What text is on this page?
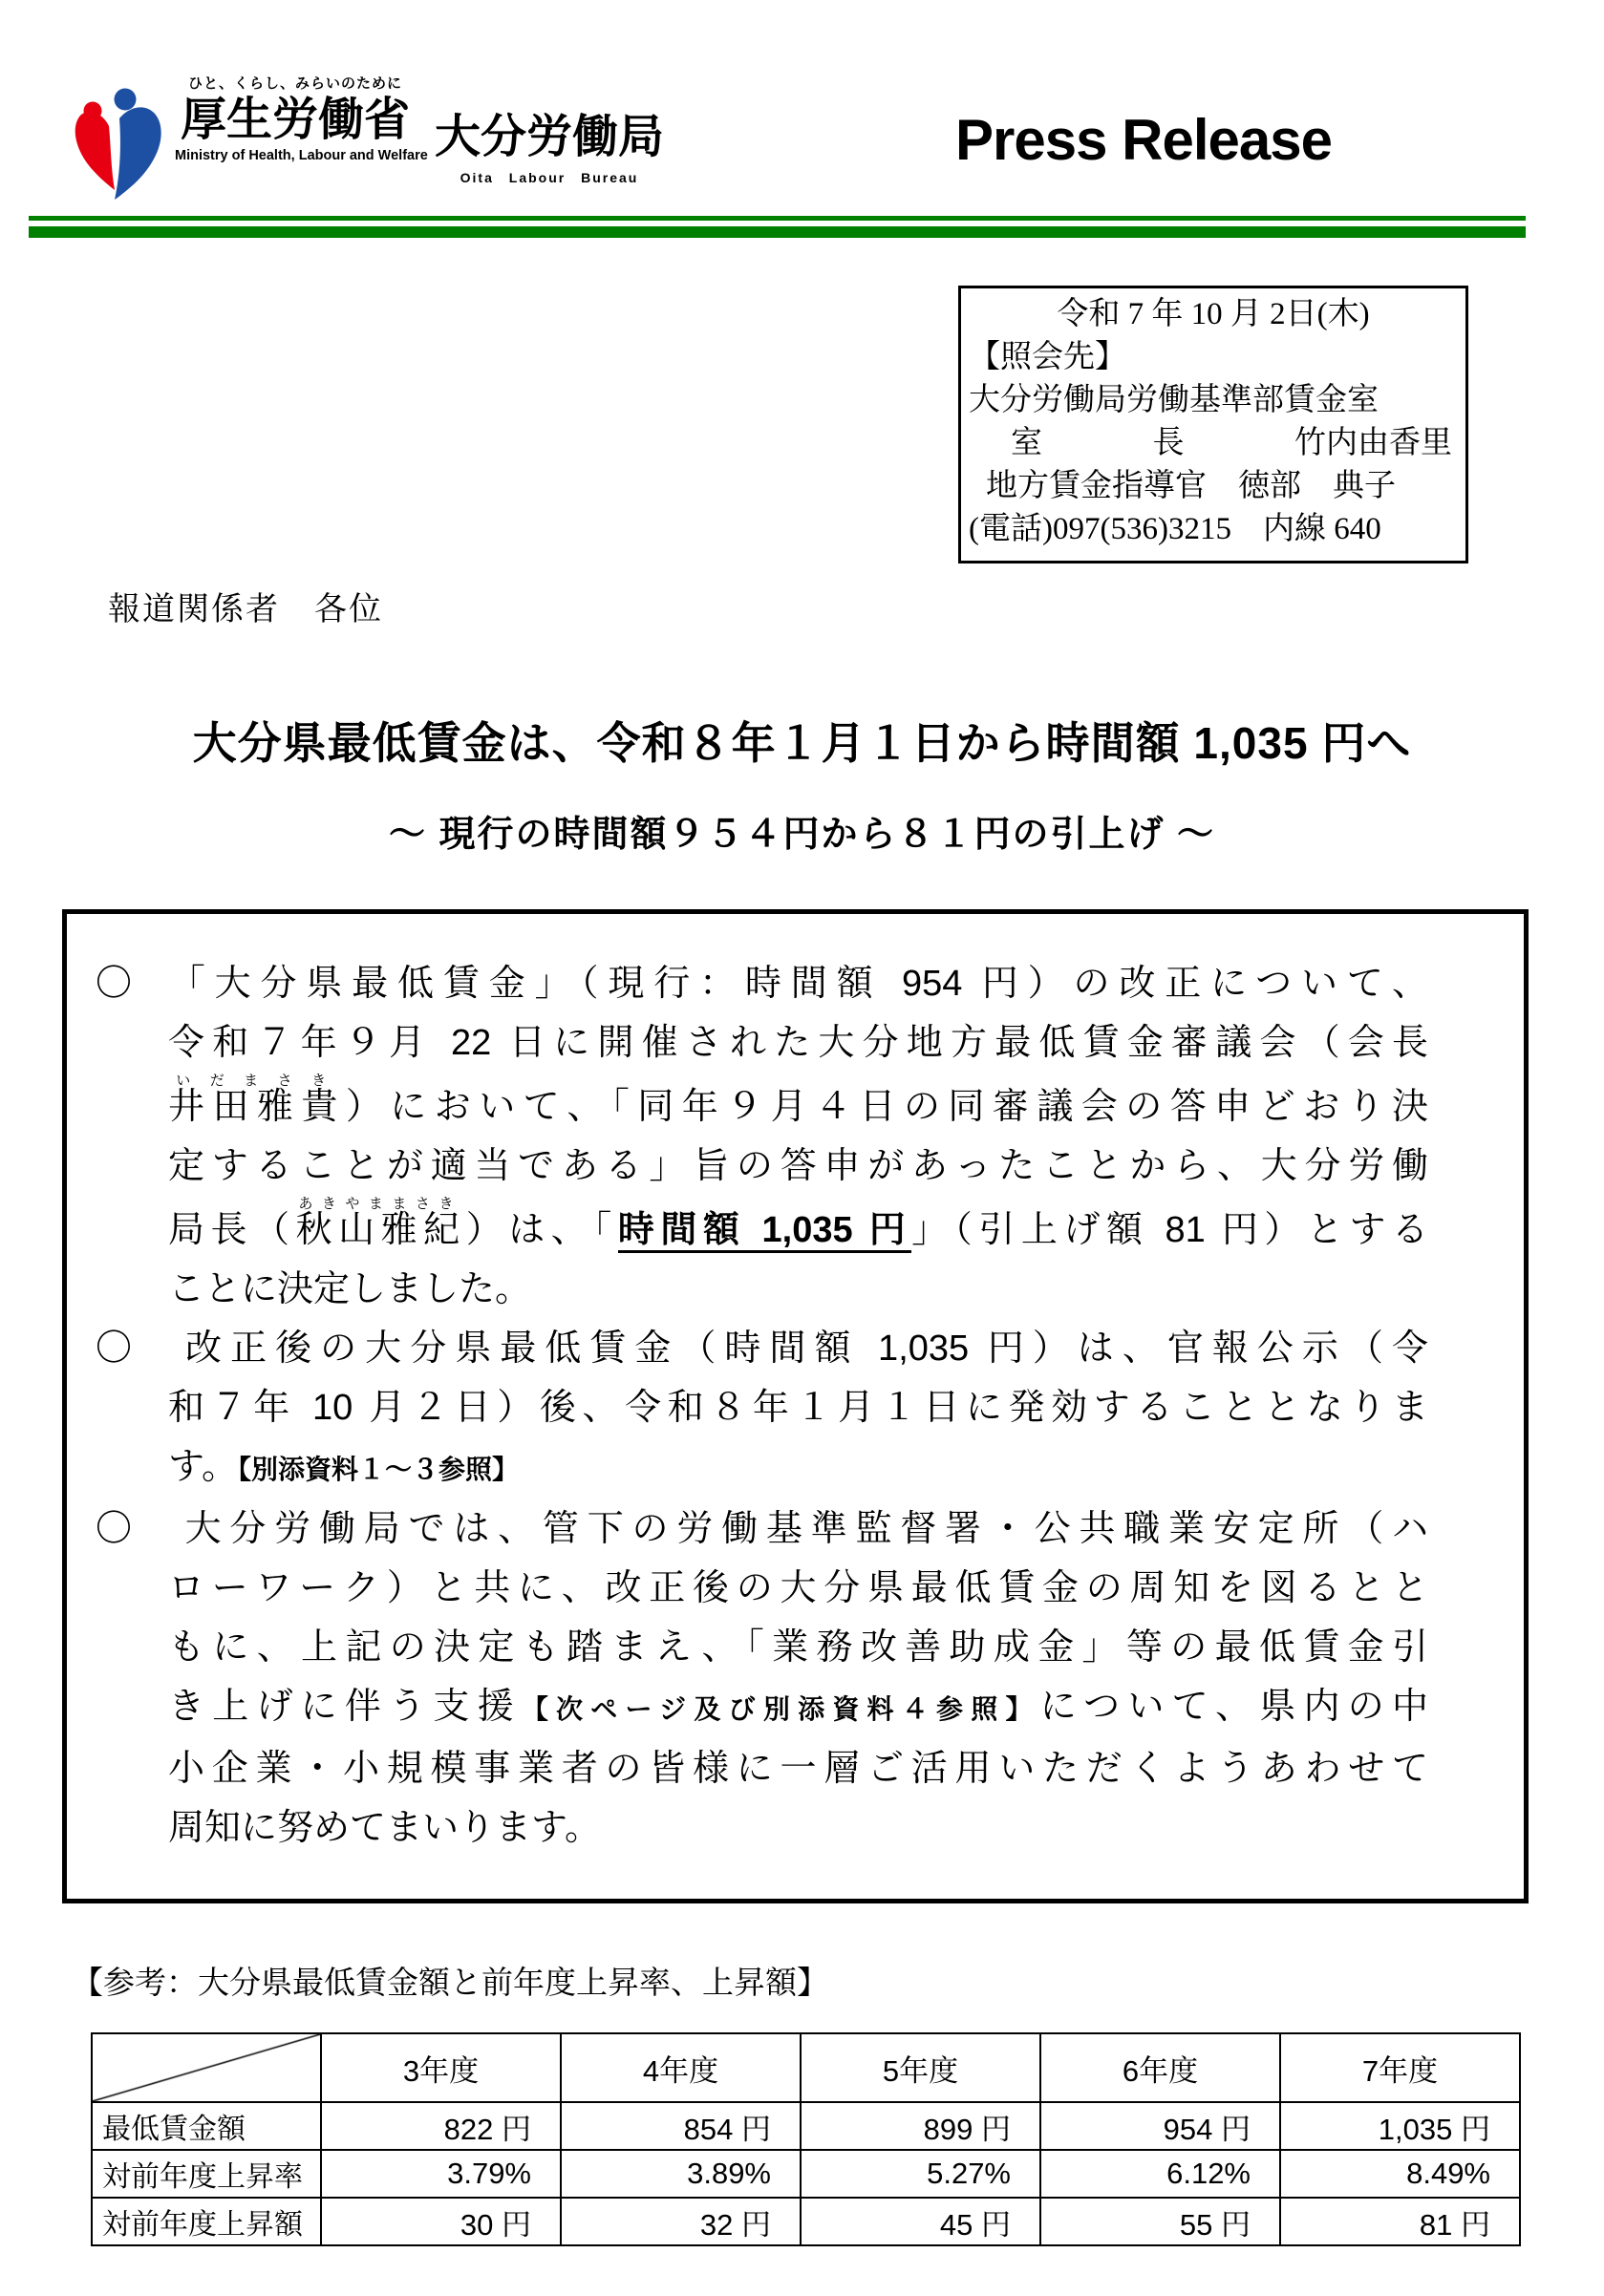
ひと、くらし、みらいのために
厚生労働省
Ministry of Health, Labour and Welfare 大分労働局
Oita Labour Bureau
Press Release
令和 7 年 10 月 2日(木)
【照会先】
大分労働局労働基準部賃金室
室	長	竹内由香里
地方賃金指導官　徳部　典子
(電話)097(536)3215　内線 640
報道関係者　各位
大分県最低賃金は、令和８年１月１日から時間額 1,035 円へ
～ 現行の時間額９５４円から８１円の引上げ ～
〇　「大分県最低賃金」（現行：時間額 954 円）の改正について、
令和７年９月 22 日に開催された大分地方最低賃金審議会（会長
井田雅貴いだまさき）において、「同年９月４日の同審議会の答申どおり決
定することが適当である」旨の答申があったことから、大分労働
局長（秋山雅紀あきやままさき）は、「時間額 1,035 円」（引上げ額 81 円）とする
ことに決定しました。
〇　改正後の大分県最低賃金（時間額 1,035 円）は、官報公示（令
和７年 10 月２日）後、令和８年１月１日に発効することとなりま
す。【別添資料１～３参照】
〇　大分労働局では、管下の労働基準監督署・公共職業安定所（ハ
ローワーク）と共に、改正後の大分県最低賃金の周知を図るとと
もに、上記の決定も踏まえ、「業務改善助成金」等の最低賃金引
き上げに伴う支援【次ページ及び別添資料４参照】について、県内の中
小企業・小規模事業者の皆様に一層ご活用いただくようあわせて
周知に努めてまいります。
【参考：大分県最低賃金額と前年度上昇率、上昇額】
	3年度	4年度	5年度	6年度	7年度
最低賃金額	822 円	854 円	899 円	954 円	1,035 円
対前年度上昇率	3.79%	3.89%	5.27%	6.12%	8.49%
対前年度上昇額	30 円	32 円	45 円	55 円	81 円
